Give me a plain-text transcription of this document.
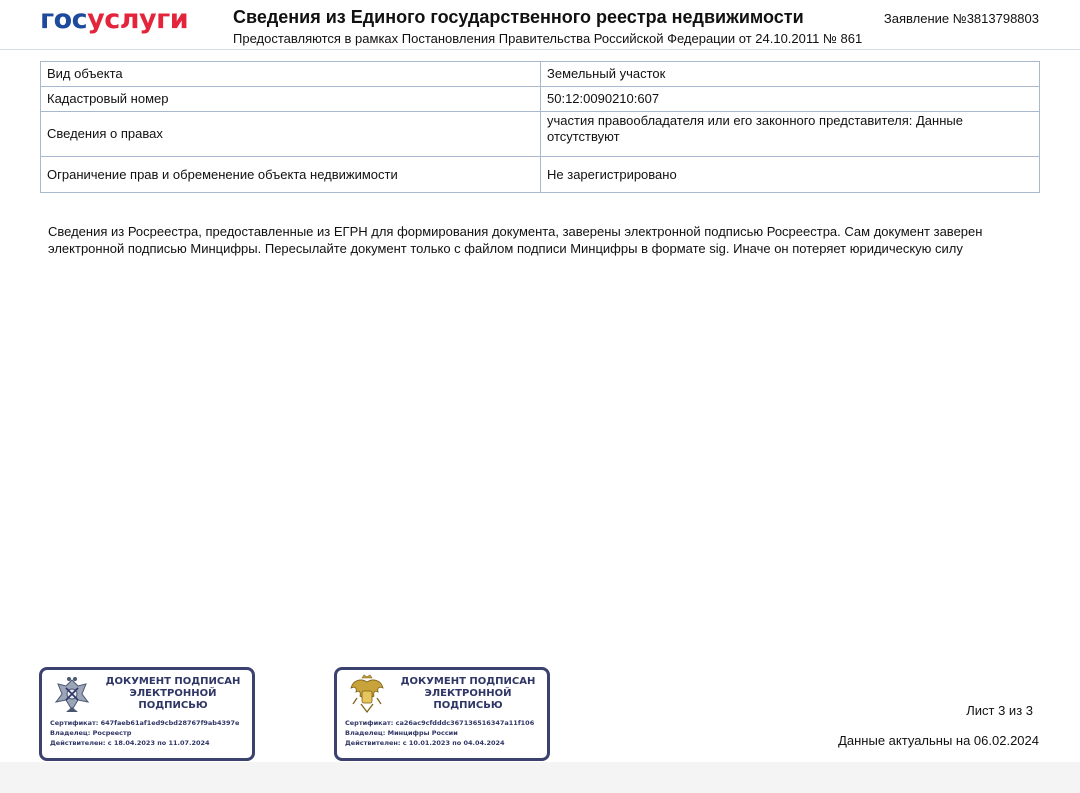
госуслуги Сведения из Единого государственного реестра недвижимости
Предоставляются в рамках Постановления Правительства Российской Федерации от 24.10.2011 № 861
Заявление №3813798803
Вид объекта	Земельный участок
Кадастровый номер	50:12:0090210:607
Сведения о правах	участия правообладателя или его законного представителя: Данные отсутствуют
Ограничение прав и обременение объекта недвижимости	Не зарегистрировано
Сведения из Росреестра, предоставленные из ЕГРН для формирования документа, заверены электронной подписью Росреестра. Сам документ заверен электронной подписью Минцифры. Пересылайте документ только с файлом подписи Минцифры в формате sig. Иначе он потеряет юридическую силу
ДОКУМЕНТ ПОДПИСАН
ЭЛЕКТРОННОЙ
ПОДПИСЬЮ
Сертификат: 647faeb61af1ed9cbd28767f9ab4397e
Владелец: Росреестр
Действителен: с 18.04.2023 по 11.07.2024
ДОКУМЕНТ ПОДПИСАН
ЭЛЕКТРОННОЙ
ПОДПИСЬЮ
Сертификат: ca26ac9cfdddc367136516347a11f106
Владелец: Минцифры России
Действителен: с 10.01.2023 по 04.04.2024
Лист 3 из 3
Данные актуальны на 06.02.2024
